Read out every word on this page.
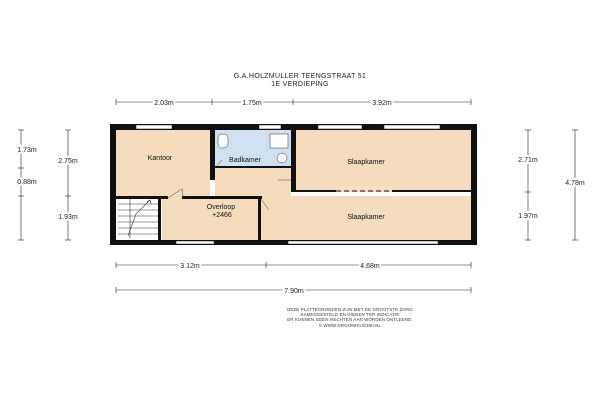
G.A.HOLZMULLER TEENGSTRAAT 51
1E VERDIEPING
Kantoor	Badkamer	Slaapkamer
Overloop
+2466	Slaapkamer
2.03m	1.75m	3.92m
1.73m
0.88m
2.75m
1.93m
2.71m
1.97m
4.78m
3.12m	4.68m
7.90m
DEZE PLATTEGRONDEN ZIJN MET DE GROOTSTE ZORG
SAMENGESTELD EN DIENEN TER INDICATIE
ER KUNNEN GEEN RECHTEN AAN WORDEN ONTLEEND.
© WWW.DROOMHUIS360.NL
